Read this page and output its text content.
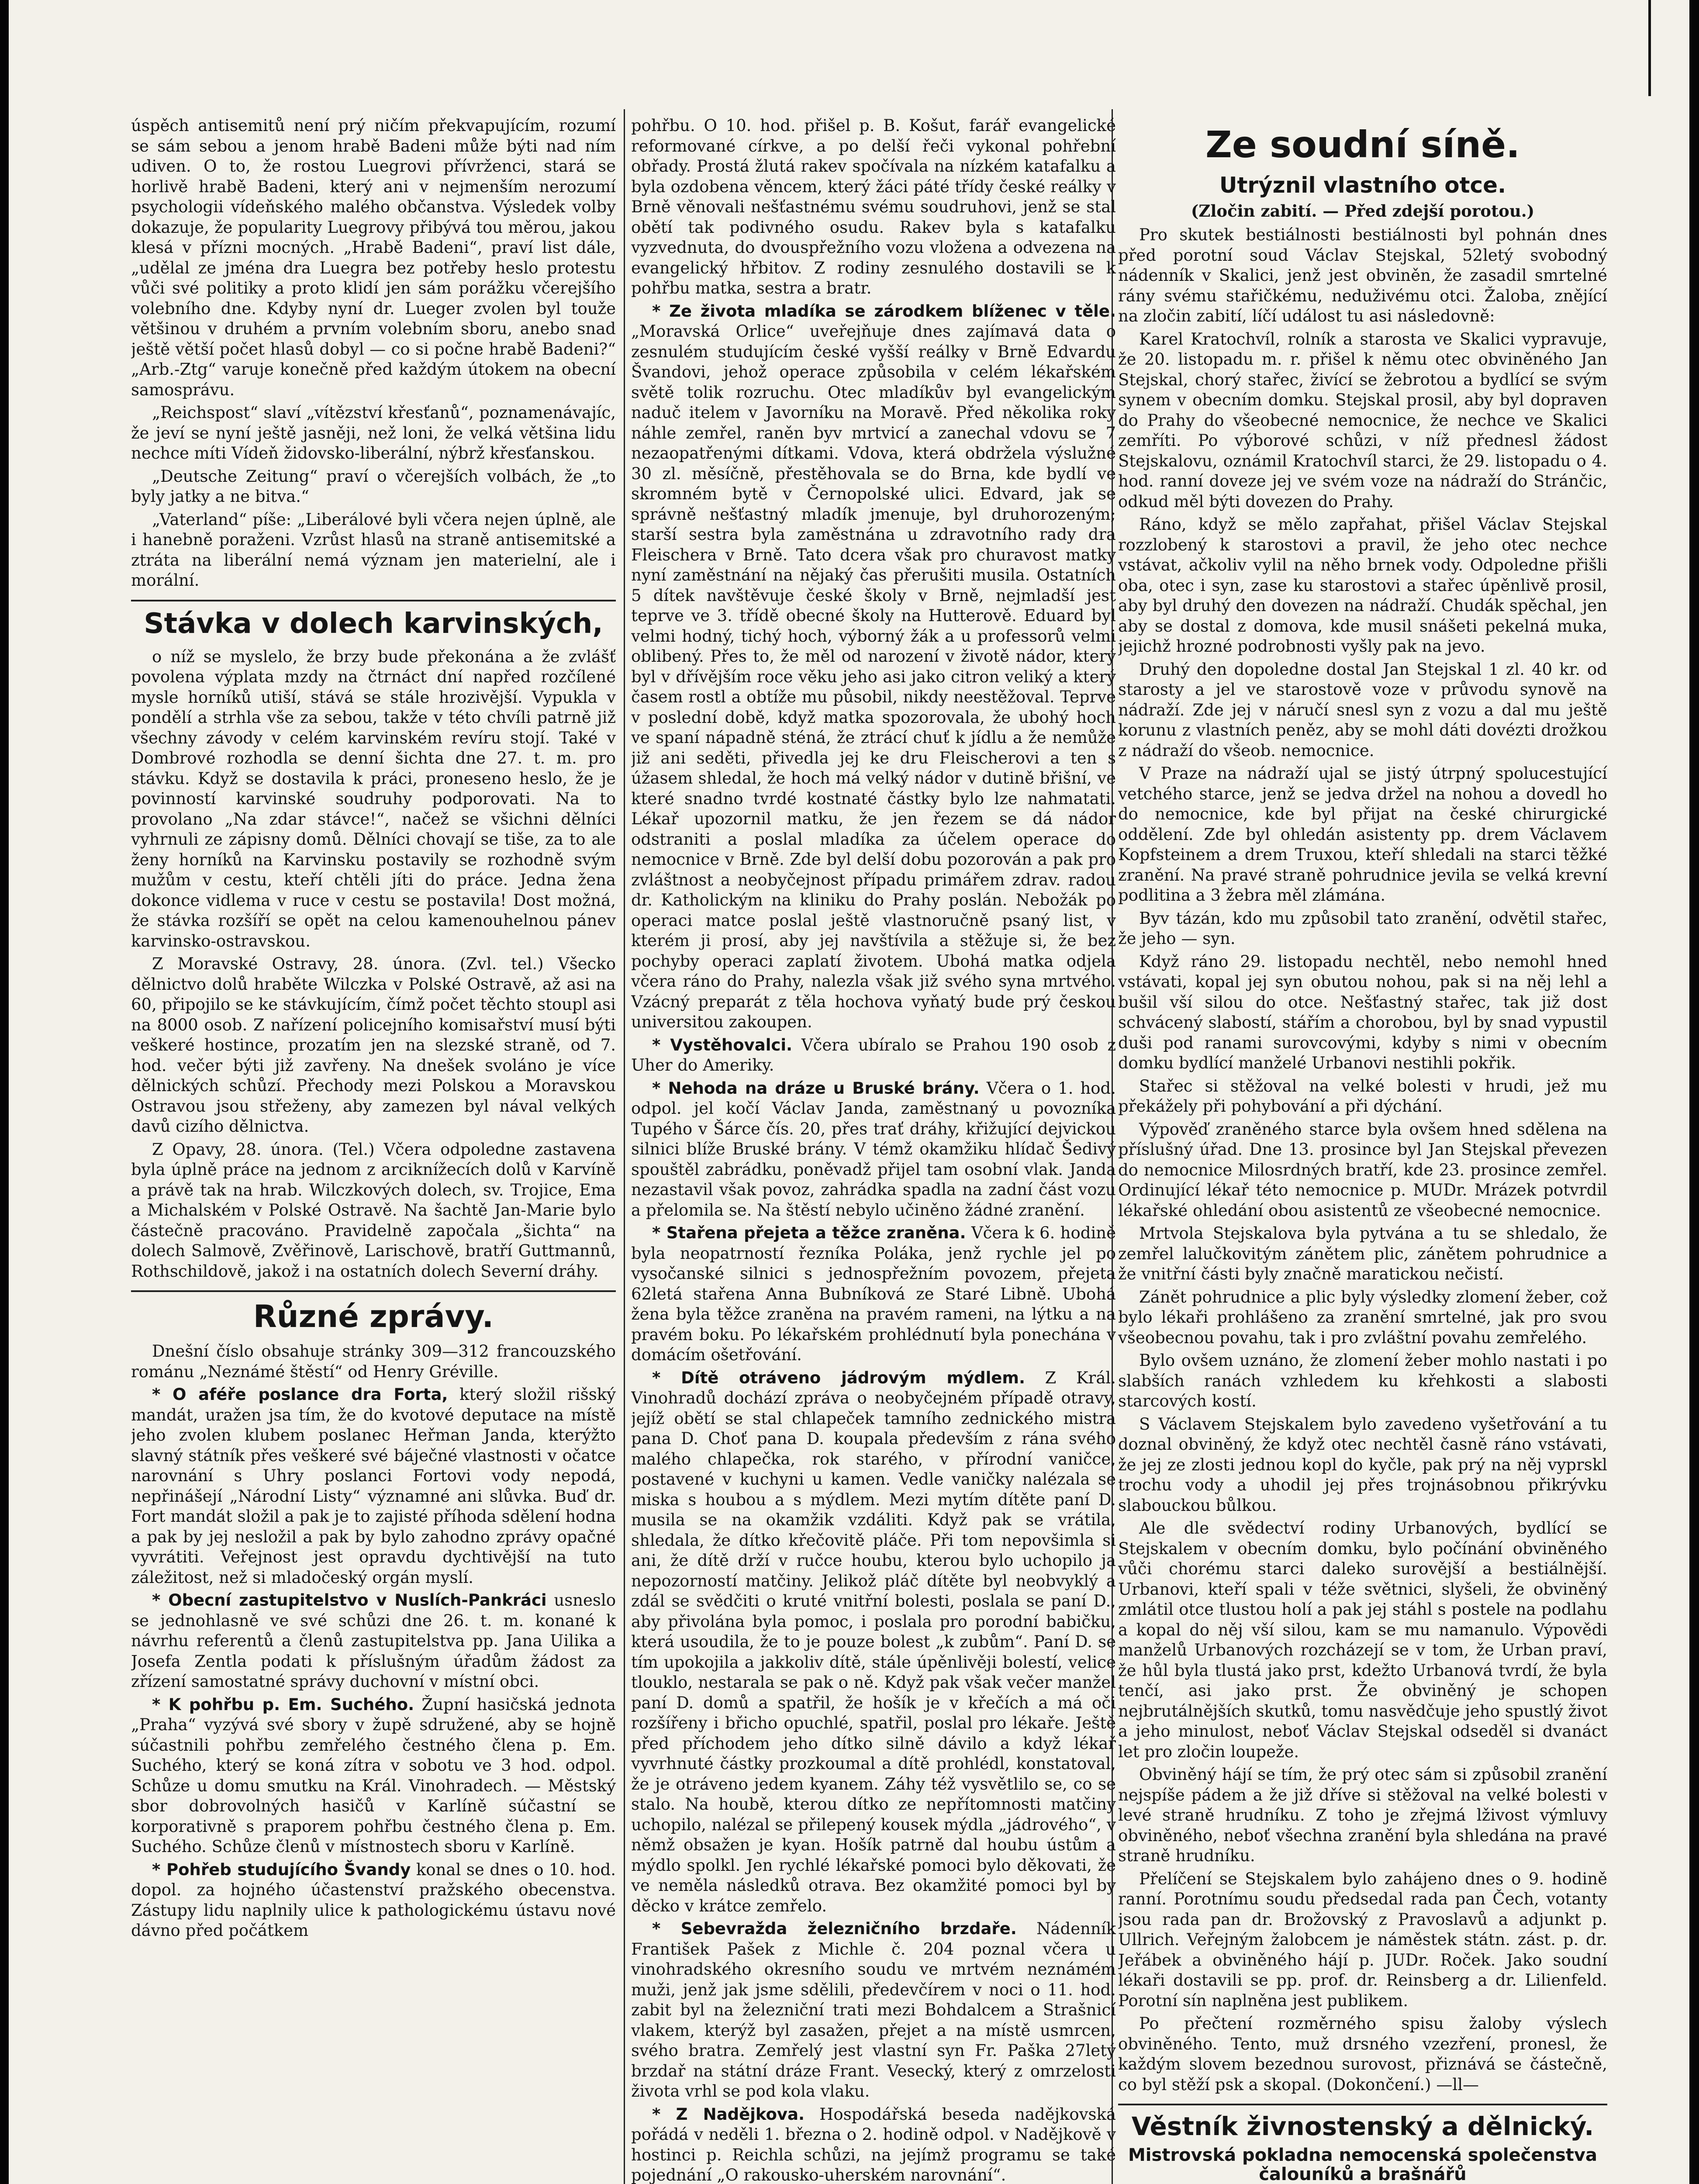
úspěch antisemitů není prý ničím překvapujícím, rozumí se sám sebou a jenom hrabě Badeni může býti nad ním udiven. O to, že rostou Luegrovi přívrženci, stará se horlivě hrabě Badeni, který ani v nejmenším nerozumí psychologii vídeňského malého občanstva. Výsledek volby dokazuje, že popularity Luegrovy přibývá tou měrou, jakou klesá v přízni mocných. „Hrabě Badeni“, praví list dále, „udělal ze jména dra Luegra bez potřeby heslo protestu vůči své politiky a proto klidí jen sám porážku včerejšího volebního dne. Kdyby nyní dr. Lueger zvolen byl touže většinou v druhém a prvním volebním sboru, anebo snad ještě větší počet hlasů dobyl — co si počne hrabě Badeni?“ „Arb.-Ztg“ varuje konečně před každým útokem na obecní samosprávu.

„Reichspost“ slaví „vítězství křesťanů“, poznamenávajíc, že jeví se nyní ještě jasněji, než loni, že velká většina lidu nechce míti Vídeň židovsko-liberální, nýbrž křesťanskou.

„Deutsche Zeitung“ praví o včerejších volbách, že „to byly jatky a ne bitva.“

„Vaterland“ píše: „Liberálové byli včera nejen úplně, ale i hanebně poraženi. Vzrůst hlasů na straně antisemitské a ztráta na liberální nemá význam jen materielní, ale i morální.

Stávka v dolech karvinských,

o níž se myslelo, že brzy bude překonána a že zvlášť povolena výplata mzdy na čtrnáct dní napřed rozčílené mysle horníků utiší, stává se stále hrozivější. Vypukla v pondělí a strhla vše za sebou, takže v této chvíli patrně již všechny závody v celém karvinském revíru stojí. Také v Dombrové rozhodla se denní šichta dne 27. t. m. pro stávku. Když se dostavila k práci, proneseno heslo, že je povinností karvinské soudruhy podporovati. Na to provolano „Na zdar stávce!“, načež se všichni dělníci vyhrnuli ze zápisny domů. Dělníci chovají se tiše, za to ale ženy horníků na Karvinsku postavily se rozhodně svým mužům v cestu, kteří chtěli jíti do práce. Jedna žena dokonce vidlema v ruce v cestu se postavila! Dost možná, že stávka rozšíří se opět na celou kamenouhelnou pánev karvinsko-ostravskou.

Z Moravské Ostravy, 28. února. (Zvl. tel.) Všecko dělnictvo dolů hraběte Wilczka v Polské Ostravě, až asi na 60, připojilo se ke stávkujícím, čímž počet těchto stoupl asi na 8000 osob. Z nařízení policejního komisařství musí býti veškeré hostince, prozatím jen na slezské straně, od 7. hod. večer býti již zavřeny. Na dnešek svoláno je více dělnických schůzí. Přechody mezi Polskou a Moravskou Ostravou jsou střeženy, aby zamezen byl nával velkých davů cizího dělnictva.

Z Opavy, 28. února. (Tel.) Včera odpoledne zastavena byla úplně práce na jednom z arciknížecích dolů v Karvíně a právě tak na hrab. Wilczkových dolech, sv. Trojice, Ema a Michalském v Polské Ostravě. Na šachtě Jan-Marie bylo částečně pracováno. Pravidelně započala „šichta“ na dolech Salmově, Zvěřinově, Larischově, bratří Guttmannů, Rothschildově, jakož i na ostatních dolech Severní dráhy.

Různé zprávy.

Dnešní číslo obsahuje stránky 309—312 francouzského románu „Neznámé štěstí“ od Henry Gréville.

* O aféře poslance dra Forta, který složil rišský mandát, uražen jsa tím, že do kvotové deputace na místě jeho zvolen klubem poslanec Heřman Janda, kterýžto slavný státník přes veškeré své báječné vlastnosti v očatce narovnání s Uhry poslanci Fortovi vody nepodá, nepřinášejí „Národní Listy“ významné ani slůvka. Buď dr. Fort mandát složil a pak je to zajisté příhoda sdělení hodna a pak by jej nesložil a pak by bylo zahodno zprávy opačné vyvrátiti. Veřejnost jest opravdu dychtivější na tuto záležitost, než si mladočeský orgán myslí.

* Obecní zastupitelstvo v Nuslích-Pankráci usneslo se jednohlasně ve své schůzi dne 26. t. m. konané k návrhu referentů a členů zastupitelstva pp. Jana Uilika a Josefa Zentla podati k příslušným úřadům žádost za zřízení samostatné správy duchovní v místní obci.

* K pohřbu p. Em. Suchého. Župní hasičská jednota „Praha“ vyzývá své sbory v župě sdružené, aby se hojně súčastnili pohřbu zemřelého čestného člena p. Em. Suchého, který se koná zítra v sobotu ve 3 hod. odpol. Schůze u domu smutku na Král. Vinohradech. — Městský sbor dobrovolných hasičů v Karlíně súčastní se korporativně s praporem pohřbu čestného člena p. Em. Suchého. Schůze členů v místnostech sboru v Karlíně.

* Pohřeb studujícího Švandy konal se dnes o 10. hod. dopol. za hojného účastenství pražského obecenstva. Zástupy lidu naplnily ulice k pathologickému ústavu nové dávno před počátkem

pohřbu. O 10. hod. přišel p. B. Košut, farář evangelické reformované církve, a po delší řeči vykonal pohřební obřady. Prostá žlutá rakev spočívala na nízkém katafalku a byla ozdobena věncem, který žáci páté třídy české reálky v Brně věnovali nešťastnému svému soudruhovi, jenž se stal obětí tak podivného osudu. Rakev byla s katafalku vyzvednuta, do dvouspřežního vozu vložena a odvezena na evangelický hřbitov. Z rodiny zesnulého dostavili se k pohřbu matka, sestra a bratr.

* Ze života mladíka se zárodkem blíženec v těle. „Moravská Orlice“ uveřejňuje dnes zajímavá data o zesnulém studujícím české vyšší reálky v Brně Edvardu Švandovi, jehož operace způsobila v celém lékařském světě tolik rozruchu. Otec mladíkův byl evangelickým naduč itelem v Javorníku na Moravě. Před několika roky náhle zemřel, raněn byv mrtvicí a zanechal vdovu se 7 nezaopatřenými dítkami. Vdova, která obdržela výslužné 30 zl. měsíčně, přestěhovala se do Brna, kde bydlí ve skromném bytě v Černopolské ulici. Edvard, jak se správně nešťastný mladík jmenuje, byl druhorozeným; starší sestra byla zaměstnána u zdravotního rady dra Fleischera v Brně. Tato dcera však pro churavost matky nyní zaměstnání na nějaký čas přerušiti musila. Ostatních 5 dítek navštěvuje české školy v Brně, nejmladší jest teprve ve 3. třídě obecné školy na Hutterově. Eduard byl velmi hodný, tichý hoch, výborný žák a u professorů velmi oblibený. Přes to, že měl od narození v životě nádor, který byl v dřívějším roce věku jeho asi jako citron veliký a který časem rostl a obtíže mu působil, nikdy neestěžoval. Teprve v poslední době, když matka spozorovala, že ubohý hoch ve spaní nápadně sténá, že ztrácí chuť k jídlu a že nemůže již ani seděti, přivedla jej ke dru Fleischerovi a ten s úžasem shledal, že hoch má velký nádor v dutině břišní, ve které snadno tvrdé kostnaté částky bylo lze nahmatati. Lékař upozornil matku, že jen řezem se dá nádor odstraniti a poslal mladíka za účelem operace do nemocnice v Brně. Zde byl delší dobu pozorován a pak pro zvláštnost a neobyčejnost případu primářem zdrav. radou dr. Katholickým na kliniku do Prahy poslán. Nebožák po operaci matce poslal ještě vlastnoručně psaný list, v kterém ji prosí, aby jej navštívila a stěžuje si, že bez pochyby operaci zaplatí životem. Ubohá matka odjela včera ráno do Prahy, nalezla však již svého syna mrtvého. Vzácný preparát z těla hochova vyňatý bude prý českou universitou zakoupen.

* Vystěhovalci. Včera ubíralo se Prahou 190 osob z Uher do Ameriky.

* Nehoda na dráze u Bruské brány. Včera o 1. hod. odpol. jel kočí Václav Janda, zaměstnaný u povozníka Tupého v Šárce čís. 20, přes trať dráhy, křižující dejvickou silnici blíže Bruské brány. V témž okamžiku hlídač Šedivý spouštěl zabrádku, poněvadž přijel tam osobní vlak. Janda nezastavil však povoz, zahrádka spadla na zadní část vozu a přelomila se. Na štěstí nebylo učiněno žádné zranění.

* Stařena přejeta a těžce zraněna. Včera k 6. hodině byla neopatrností řezníka Poláka, jenž rychle jel po vysočanské silnici s jednospřežním povozem, přejeta 62letá stařena Anna Bubníková ze Staré Libně. Ubohá žena byla těžce zraněna na pravém rameni, na lýtku a na pravém boku. Po lékařském prohlédnutí byla ponechána v domácím ošetřování.

* Dítě otráveno jádrovým mýdlem. Z Král. Vinohradů dochází zpráva o neobyčejném případě otravy, jejíž obětí se stal chlapeček tamního zednického mistra pana D. Choť pana D. koupala především z rána svého malého chlapečka, rok starého, v přírodní vaničce, postavené v kuchyni u kamen. Vedle vaničky nalézala se miska s houbou a s mýdlem. Mezi mytím dítěte paní D. musila se na okamžik vzdáliti. Když pak se vrátila, shledala, že dítko křečovitě pláče. Při tom nepovšimla si ani, že dítě drží v ručce houbu, kterou bylo uchopilo ja nepozorností matčiny. Jelikož pláč dítěte byl neobvyklý a zdál se svědčiti o kruté vnitřní bolesti, poslala se paní D., aby přivolána byla pomoc, i poslala pro porodní babičku, která usoudila, že to je pouze bolest „k zubům“. Paní D. se tím upokojila a jakkoliv dítě, stále úpěnlivěji bolestí, velice tlouklo, nestarala se pak o ně. Když pak však večer manžel paní D. domů a spatřil, že hošík je v křečích a má oči rozšířeny i břicho opuchlé, spatřil, poslal pro lékaře. Ještě před příchodem jeho dítko silně dávilo a když lékař vyvrhnuté částky prozkoumal a dítě prohlédl, konstatoval, že je otráveno jedem kyanem. Záhy též vysvětlilo se, co se stalo. Na houbě, kterou dítko ze nepřítomnosti matčiny uchopilo, nalézal se přilepený kousek mýdla „jádrového“, v němž obsažen je kyan. Hošík patrně dal houbu ústům a mýdlo spolkl. Jen rychlé lékařské pomoci bylo děkovati, že ve neměla následků otrava. Bez okamžité pomoci byl by děcko v krátce zemřelo.

* Sebevražda železničního brzdaře. Nádenník František Pašek z Michle č. 204 poznal včera u vinohradského okresního soudu ve mrtvém neznámém muži, jenž jak jsme sdělili, předevčírem v noci o 11. hod. zabit byl na železniční trati mezi Bohdalcem a Strašnicí vlakem, kterýž byl zasažen, přejet a na místě usmrcen, svého bratra. Zemřelý jest vlastní syn Fr. Paška 27letý brzdař na státní dráze Frant. Vesecký, který z omrzelosti života vrhl se pod kola vlaku.

* Z Nadějkova. Hospodářská beseda nadějkovská pořádá v neděli 1. března o 2. hodině odpol. v Nadějkově v hostinci p. Reichla schůzi, na jejímž programu se také pojednání „O rakousko-uherském narovnání“.

Ze soudní síně.
Utrýznil vlastního otce.
(Zločin zabití. — Před zdejší porotou.)

Pro skutek bestiálnosti bestiálnosti byl pohnán dnes před porotní soud Václav Stejskal, 52letý svobodný nádenník v Skalici, jenž jest obviněn, že zasadil smrtelné rány svému stařičkému, neduživému otci. Žaloba, znějící na zločin zabití, líčí událost tu asi následovně:

Karel Kratochvíl, rolník a starosta ve Skalici vypravuje, že 20. listopadu m. r. přišel k němu otec obviněného Jan Stejskal, chorý stařec, živící se žebrotou a bydlící se svým synem v obecním domku. Stejskal prosil, aby byl dopraven do Prahy do všeobecné nemocnice, že nechce ve Skalici zemříti. Po výborové schůzi, v níž přednesl žádost Stejskalovu, oznámil Kratochvíl starci, že 29. listopadu o 4. hod. ranní doveze jej ve svém voze na nádraží do Stránčic, odkud měl býti dovezen do Prahy.

Ráno, když se mělo zapřahat, přišel Václav Stejskal rozzlobený k starostovi a pravil, že jeho otec nechce vstávat, ačkoliv vylil na něho brnek vody. Odpoledne přišli oba, otec i syn, zase ku starostovi a stařec úpěnlivě prosil, aby byl druhý den dovezen na nádraží. Chudák spěchal, jen aby se dostal z domova, kde musil snášeti pekelná muka, jejichž hrozné podrobnosti vyšly pak na jevo.

Druhý den dopoledne dostal Jan Stejskal 1 zl. 40 kr. od starosty a jel ve starostově voze v průvodu synově na nádraží. Zde jej v náručí snesl syn z vozu a dal mu ještě korunu z vlastních peněz, aby se mohl dáti dovézti drožkou z nádraží do všeob. nemocnice.

V Praze na nádraží ujal se jistý útrpný spolucestující vetchého starce, jenž se jedva držel na nohou a dovedl ho do nemocnice, kde byl přijat na české chirurgické oddělení. Zde byl ohledán asistenty pp. drem Václavem Kopfsteinem a drem Truxou, kteří shledali na starci těžké zranění. Na pravé straně pohrudnice jevila se velká krevní podlitina a 3 žebra měl zlámána.

Byv tázán, kdo mu způsobil tato zranění, odvětil stařec, že jeho — syn.

Když ráno 29. listopadu nechtěl, nebo nemohl hned vstávati, kopal jej syn obutou nohou, pak si na něj lehl a bušil vší silou do otce. Nešťastný stařec, tak již dost schvácený slabostí, stářím a chorobou, byl by snad vypustil duši pod ranami surovcovými, kdyby s nimi v obecním domku bydlící manželé Urbanovi nestihli pokřik.

Stařec si stěžoval na velké bolesti v hrudi, jež mu překážely při pohybování a při dýchání.

Výpověď zraněného starce byla ovšem hned sdělena na příslušný úřad. Dne 13. prosince byl Jan Stejskal převezen do nemocnice Milosrdných bratří, kde 23. prosince zemřel. Ordinující lékař této nemocnice p. MUDr. Mrázek potvrdil lékařské ohledání obou asistentů ze všeobecné nemocnice.

Mrtvola Stejskalova byla pytvána a tu se shledalo, že zemřel lalučkovitým zánětem plic, zánětem pohrudnice a že vnitřní části byly značně maratickou nečistí.

Zánět pohrudnice a plic byly výsledky zlomení žeber, což bylo lékaři prohlášeno za zranění smrtelné, jak pro svou všeobecnou povahu, tak i pro zvláštní povahu zemřelého.

Bylo ovšem uznáno, že zlomení žeber mohlo nastati i po slabších ranách vzhledem ku křehkosti a slabosti starcových kostí.

S Václavem Stejskalem bylo zavedeno vyšetřování a tu doznal obviněný, že když otec nechtěl časně ráno vstávati, že jej ze zlosti jednou kopl do kyčle, pak prý na něj vyprskl trochu vody a uhodil jej přes trojnásobnou přikrývku slabouckou bůlkou.

Ale dle svědectví rodiny Urbanových, bydlící se Stejskalem v obecním domku, bylo počínání obviněného vůči chorému starci daleko surovější a bestiálnější. Urbanovi, kteří spali v téže světnici, slyšeli, že obviněný zmlátil otce tlustou holí a pak jej stáhl s postele na podlahu a kopal do něj vší silou, kam se mu namanulo. Výpovědi manželů Urbanových rozcházejí se v tom, že Urban praví, že hůl byla tlustá jako prst, kdežto Urbanová tvrdí, že byla tenčí, asi jako prst. Že obviněný je schopen nejbrutálnějších skutků, tomu nasvědčuje jeho spustlý život a jeho minulost, neboť Václav Stejskal odseděl si dvanáct let pro zločin loupeže.

Obviněný hájí se tím, že prý otec sám si způsobil zranění nejspíše pádem a že již dříve si stěžoval na velké bolesti v levé straně hrudníku. Z toho je zřejmá lživost výmluvy obviněného, neboť všechna zranění byla shledána na pravé straně hrudníku.

Přelíčení se Stejskalem bylo zahájeno dnes o 9. hodině ranní. Porotnímu soudu předsedal rada pan Čech, votanty jsou rada pan dr. Brožovský z Pravoslavů a adjunkt p. Ullrich. Veřejným žalobcem je náměstek státn. zást. p. dr. Jeřábek a obviněného hájí p. JUDr. Roček. Jako soudní lékaři dostavili se pp. prof. dr. Reinsberg a dr. Lilienfeld. Porotní sín naplněna jest publikem.

Po přečtení rozměrného spisu žaloby výslech obviněného. Tento, muž drsného vzezření, pronesl, že každým slovem bezednou surovost, přiznává se částečně, co byl stěží psk a skopal. (Dokončení.) —ll—

Věstník živnostenský a dělnický.
Mistrovská pokladna nemocenská společenstva čalouníků a brašnářů
